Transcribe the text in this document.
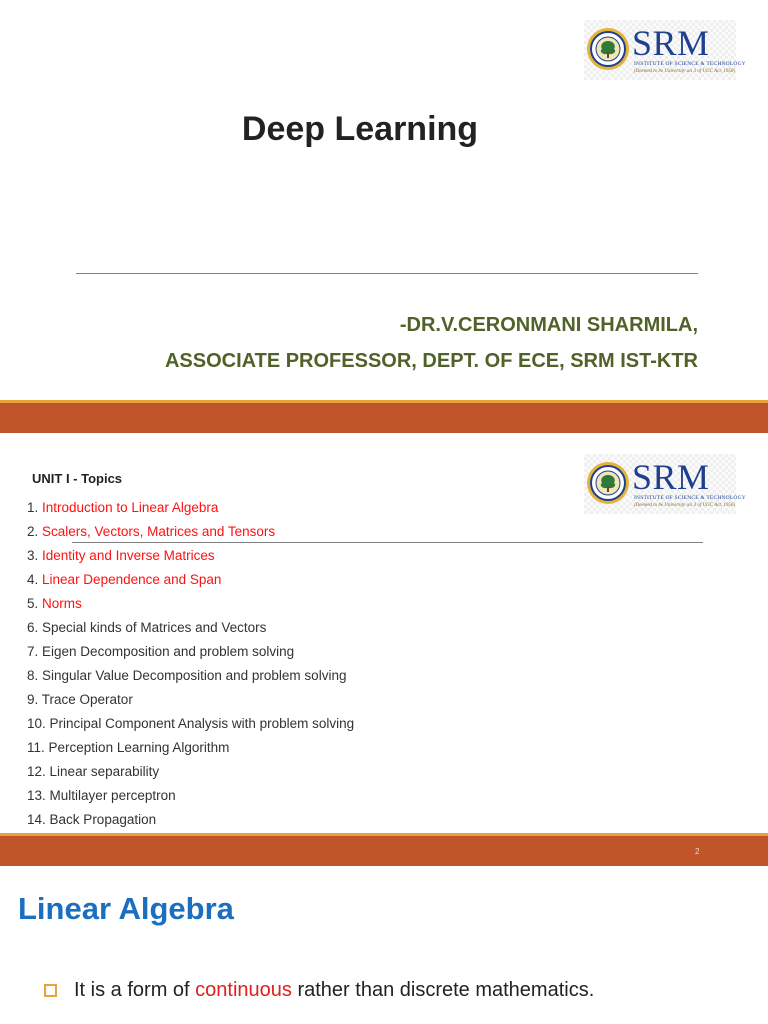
SRM
INSTITUTE OF SCIENCE & TECHNOLOGY
(Deemed to be University u/s 3 of UGC Act, 1956)
Deep Learning
-DR.V.CERONMANI SHARMILA,
ASSOCIATE PROFESSOR, DEPT. OF ECE, SRM IST-KTR
SRM
INSTITUTE OF SCIENCE & TECHNOLOGY
(Deemed to be University u/s 3 of UGC Act, 1956)
UNIT I - Topics
1. Introduction to Linear Algebra
2. Scalers, Vectors, Matrices and Tensors
3. Identity and Inverse Matrices
4. Linear Dependence and Span
5. Norms
6. Special kinds of Matrices and Vectors
7. Eigen Decomposition and problem solving
8. Singular Value Decomposition and problem solving
9. Trace Operator
10. Principal Component Analysis with problem solving
11. Perception Learning Algorithm
12. Linear separability
13. Multilayer perceptron
14. Back Propagation
2
Linear Algebra
It is a form of continuous rather than discrete mathematics.
